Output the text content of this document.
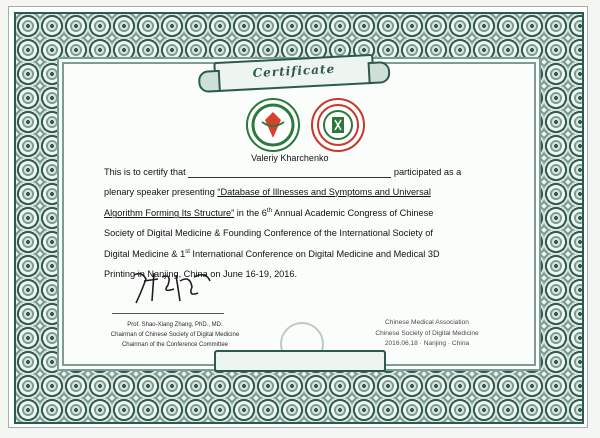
Certificate
This is to certify that
Valeriy Kharchenko
participated as a
plenary speaker presenting “Database of Illnesses and Symptoms and Universal
Algorithm Forming Its Structure” in the 6th Annual Academic Congress of Chinese
Society of Digital Medicine & Founding Conference of the International Society of
Digital Medicine & 1st International Conference on Digital Medicine and Medical 3D
Printing in Nanjing, China on June 16-19, 2016.
Prof. Shao-Xiang Zhang, PhD., MD.
Chairman of Chinese Society of Digital Medicine
Chairman of the Conference Committee
Chinese Medical Association
Chinese Society of Digital Medicine
2016.06.18 · Nanjing · China
